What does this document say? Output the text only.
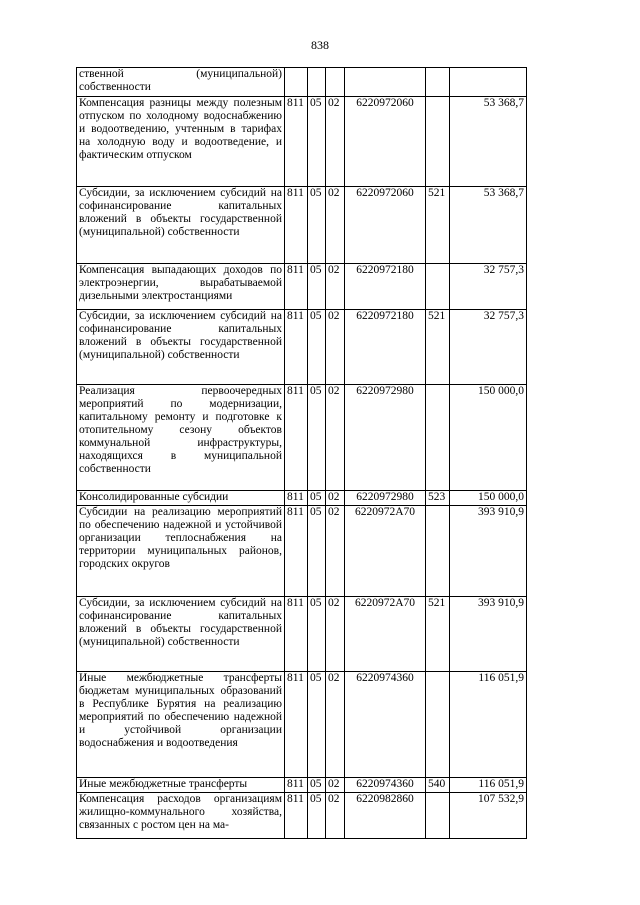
838
ственной (муниципальной) собственности						
Компенсация разницы между полезным отпуском по холодному водоснабжению и водоотведению, учтенным в тарифах на холодную воду и водоотведение, и фактическим отпуском	811	05	02	6220972060		53 368,7
Субсидии, за исключением субсидий на софинансирование капитальных вложений в объекты государственной (муниципальной) собственности	811	05	02	6220972060	521	53 368,7
Компенсация выпадающих доходов по электроэнергии, вырабатываемой дизельными электростанциями	811	05	02	6220972180		32 757,3
Субсидии, за исключением субсидий на софинансирование капитальных вложений в объекты государственной (муниципальной) собственности	811	05	02	6220972180	521	32 757,3
Реализация первоочередных мероприятий по модернизации, капитальному ремонту и подготовке к отопительному сезону объектов коммунальной инфраструктуры, находящихся в муниципальной собственности	811	05	02	6220972980		150 000,0
Консолидированные субсидии	811	05	02	6220972980	523	150 000,0
Субсидии на реализацию мероприятий по обеспечению надежной и устойчивой организации теплоснабжения на территории муниципальных районов, городских округов	811	05	02	6220972А70		393 910,9
Субсидии, за исключением субсидий на софинансирование капитальных вложений в объекты государственной (муниципальной) собственности	811	05	02	6220972А70	521	393 910,9
Иные межбюджетные трансферты бюджетам муниципальных образований в Республике Бурятия на реализацию мероприятий по обеспечению надежной и устойчивой организации водоснабжения и водоотведения	811	05	02	6220974360		116 051,9
Иные межбюджетные трансферты	811	05	02	6220974360	540	116 051,9
Компенсация расходов организациям жилищно-коммунального хозяйства, связанных с ростом цен на ма-	811	05	02	6220982860		107 532,9
